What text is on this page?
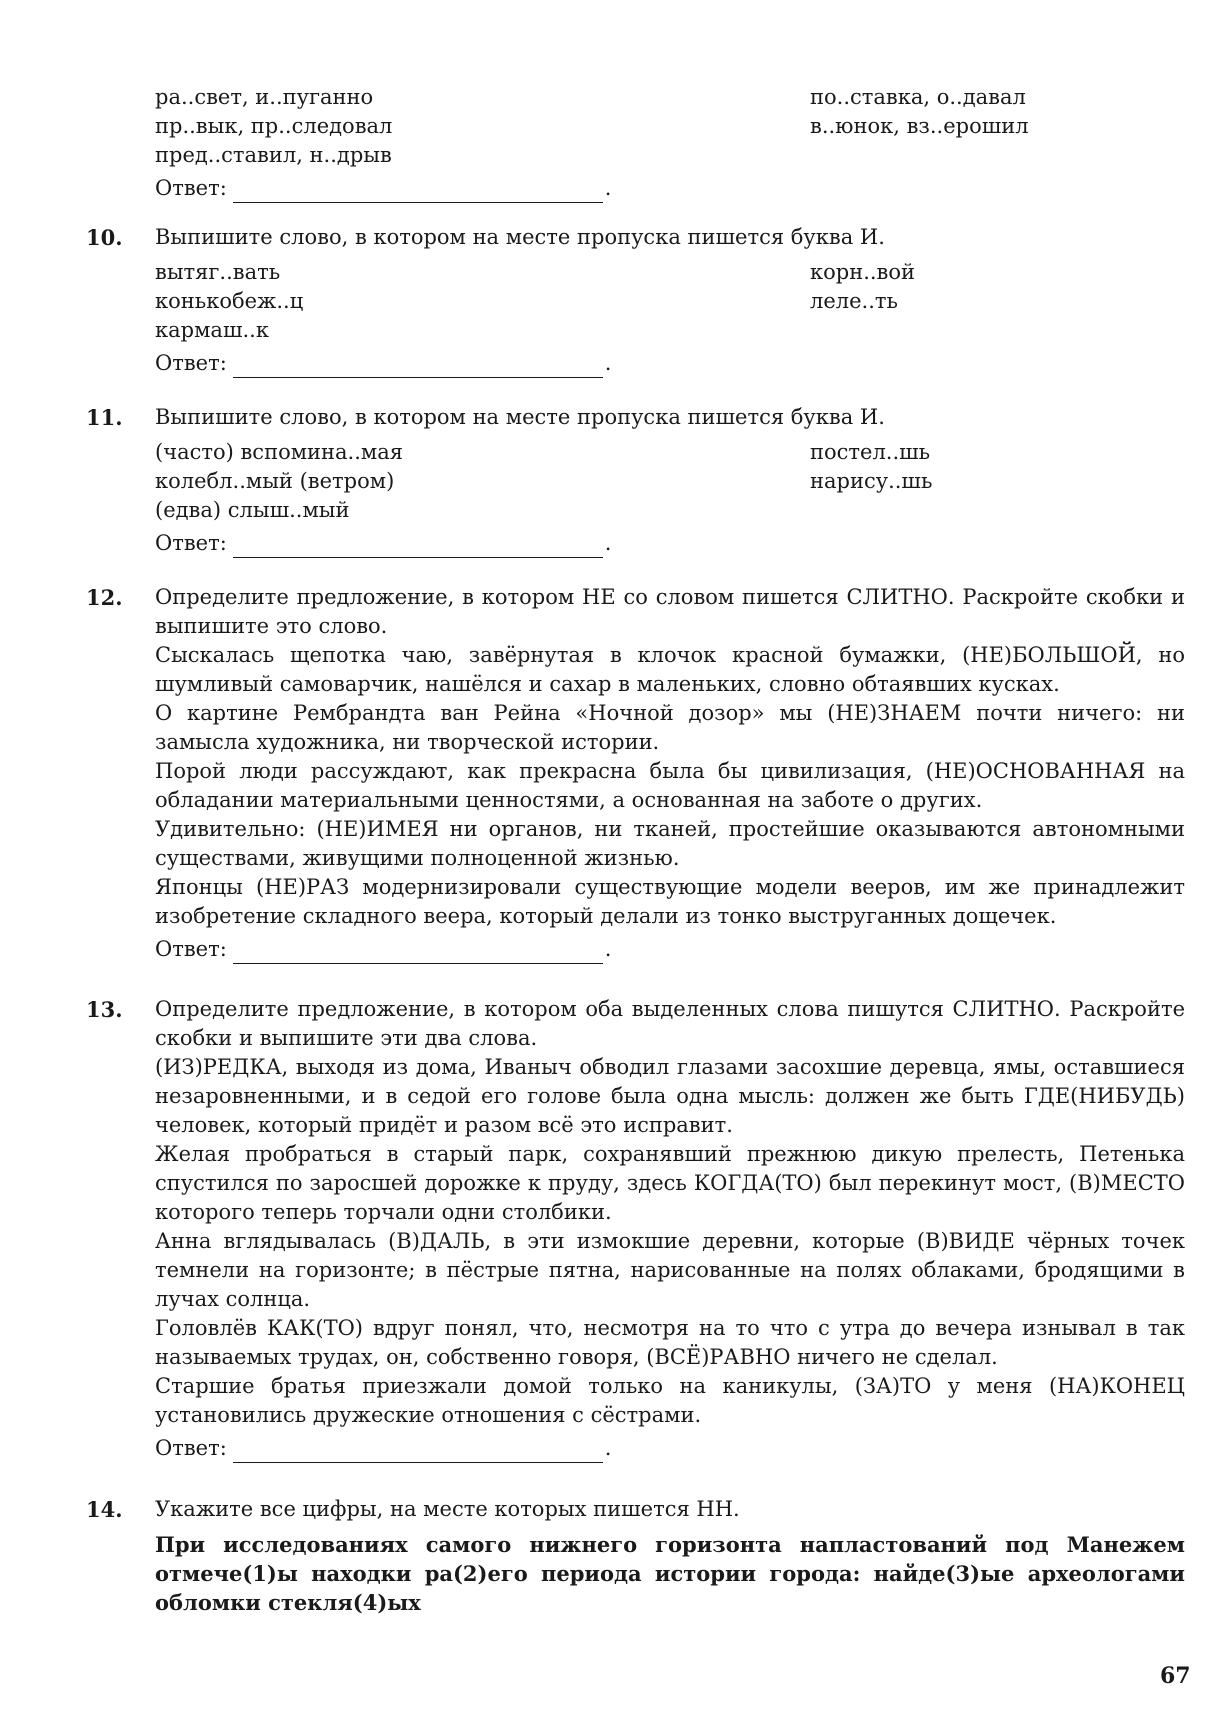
ра..свет, и..пуганно
пр..вык, пр..следовал
пред..ставил, н..дрыв
по..ставка, о..давал
в..юнок, вз..ерошил
Ответ:	.
10. Выпишите слово, в котором на месте пропуска пишется буква И.

вытяг..вать
конькобеж..ц
кармаш..к
корн..вой
леле..ть
Ответ:	.
11. Выпишите слово, в котором на месте пропуска пишется буква И.

(часто) вспомина..мая
колебл..мый (ветром)
(едва) слыш..мый
постел..шь
нарису..шь
Ответ:	.
12. Определите предложение, в котором НЕ со словом пишется СЛИТНО. Раскройте скобки и выпишите это слово.

Сыскалась щепотка чаю, завёрнутая в клочок красной бумажки, (НЕ)БОЛЬШОЙ, но шумливый самоварчик, нашёлся и сахар в маленьких, словно обтаявших кусках.

О картине Рембрандта ван Рейна «Ночной дозор» мы (НЕ)ЗНАЕМ почти ничего: ни замысла художника, ни творческой истории.

Порой люди рассуждают, как прекрасна была бы цивилизация, (НЕ)ОСНОВАННАЯ на обладании материальными ценностями, а основанная на заботе о других.

Удивительно: (НЕ)ИМЕЯ ни органов, ни тканей, простейшие оказываются автономными существами, живущими полноценной жизнью.

Японцы (НЕ)РАЗ модернизировали существующие модели вееров, им же принадлежит изобретение складного веера, который делали из тонко выструганных дощечек.

Ответ:	.
13. Определите предложение, в котором оба выделенных слова пишутся СЛИТНО. Раскройте скобки и выпишите эти два слова.

(ИЗ)РЕДКА, выходя из дома, Иваныч обводил глазами засохшие деревца, ямы, оставшиеся незаровненными, и в седой его голове была одна мысль: должен же быть ГДЕ(НИБУДЬ) человек, который придёт и разом всё это исправит.

Желая пробраться в старый парк, сохранявший прежнюю дикую прелесть, Петенька спустился по заросшей дорожке к пруду, здесь КОГДА(ТО) был перекинут мост, (В)МЕСТО которого теперь торчали одни столбики.

Анна вглядывалась (В)ДАЛЬ, в эти измокшие деревни, которые (В)ВИДЕ чёрных точек темнели на горизонте; в пёстрые пятна, нарисованные на полях облаками, бродящими в лучах солнца.

Головлёв КАК(ТО) вдруг понял, что, несмотря на то что с утра до вечера изнывал в так называемых трудах, он, собственно говоря, (ВСЁ)РАВНО ничего не сделал.

Старшие братья приезжали домой только на каникулы, (ЗА)ТО у меня (НА)КОНЕЦ установились дружеские отношения с сёстрами.

Ответ:	.
14. Укажите все цифры, на месте которых пишется НН.

При исследованиях самого нижнего горизонта напластований под Манежем отмече(1)ы находки ра(2)его периода истории города: найде(3)ые археологами обломки стекля(4)ых

67
